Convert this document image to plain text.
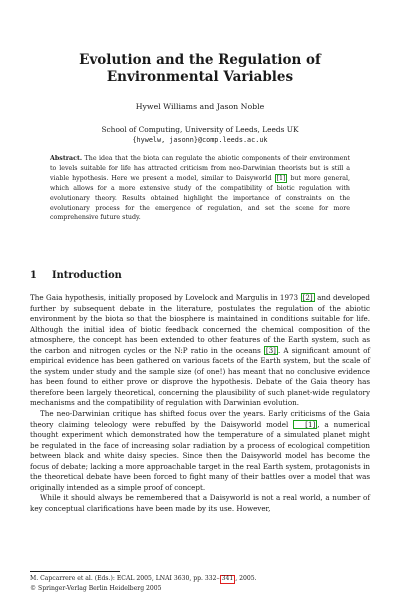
Evolution and the Regulation of
Environmental Variables
Hywel Williams and Jason Noble
School of Computing, University of Leeds, Leeds UK
{hywelw, jasonn}@comp.leeds.ac.uk
Abstract. The idea that the biota can regulate the abiotic components of their environment to levels suitable for life has attracted criticism from neo-Darwinian theorists but is still a viable hypothesis. Here we present a model, similar to Daisyworld [1] but more general, which allows for a more extensive study of the compatibility of biotic regulation with evolutionary theory. Results obtained highlight the importance of constraints on the evolutionary process for the emergence of regulation, and set the scene for more comprehensive future study.
1 Introduction

The Gaia hypothesis, initially proposed by Lovelock and Margulis in 1973 [2] and developed further by subsequent debate in the literature, postulates the regulation of the abiotic environment by the biota so that the biosphere is maintained in conditions suitable for life. Although the initial idea of biotic feedback concerned the chemical composition of the atmosphere, the concept has been extended to other features of the Earth system, such as the carbon and nitrogen cycles or the N:P ratio in the oceans [3] . A significant amount of empirical evidence has been gathered on various facets of the Earth system, but the scale of the system under study and the sample size (of one!) has meant that no conclusive evidence has been found to either prove or disprove the hypothesis. Debate of the Gaia theory has therefore been largely theoretical, concerning the plausibility of such planet-wide regulatory mechanisms and the compatibility of regulation with Darwinian evolution.

The neo-Darwinian critique has shifted focus over the years. Early criticisms of the Gaia theory claiming teleology were rebuffed by the Daisyworld model [1] , a numerical thought experiment which demonstrated how the temperature of a simulated planet might be regulated in the face of increasing solar radiation by a process of ecological competition between black and white daisy species. Since then the Daisyworld model has become the focus of debate; lacking a more approachable target in the real Earth system, protagonists in the theoretical debate have been forced to fight many of their battles over a model that was originally intended as a simple proof of concept.

While it should always be remembered that a Daisyworld is not a real world, a number of key conceptual clarifications have been made by its use. However,

M. Capcarrere et al. (Eds.): ECAL 2005, LNAI 3630, pp. 332– 341 , 2005.
© Springer-Verlag Berlin Heidelberg 2005
